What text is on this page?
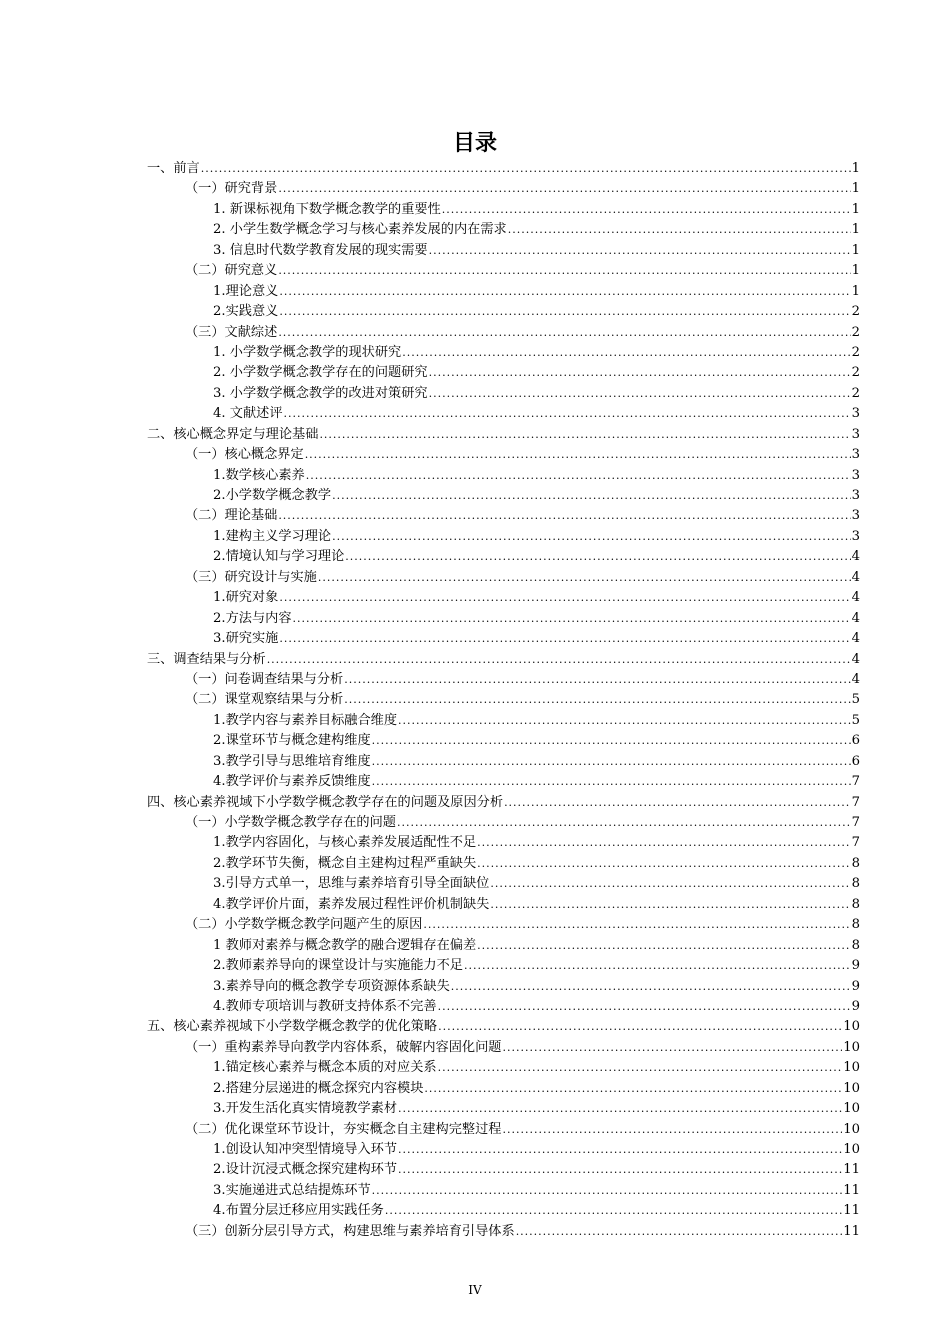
目录
一、前言 .....	1
（一）研究背景 .....	1
1. 新课标视角下数学概念教学的重要性 .....	1
2. 小学生数学概念学习与核心素养发展的内在需求 .....	1
3. 信息时代数学教育发展的现实需要 .....	1
（二）研究意义 .....	1
1.理论意义 .....	1
2.实践意义 .....	2
（三）文献综述 .....	2
1. 小学数学概念教学的现状研究 .....	2
2. 小学数学概念教学存在的问题研究 .....	2
3. 小学数学概念教学的改进对策研究 .....	2
4. 文献述评 .....	3
二、核心概念界定与理论基础 .....	3
（一）核心概念界定 .....	3
1.数学核心素养 .....	3
2.小学数学概念教学 .....	3
（二）理论基础 .....	3
1.建构主义学习理论 .....	3
2.情境认知与学习理论 .....	4
（三）研究设计与实施 .....	4
1.研究对象 .....	4
2.方法与内容 .....	4
3.研究实施 .....	4
三、调查结果与分析 .....	4
（一）问卷调查结果与分析 .....	4
（二）课堂观察结果与分析 .....	5
1.教学内容与素养目标融合维度 .....	5
2.课堂环节与概念建构维度 .....	6
3.教学引导与思维培育维度 .....	6
4.教学评价与素养反馈维度 .....	7
四、核心素养视域下小学数学概念教学存在的问题及原因分析 .....	7
（一）小学数学概念教学存在的问题 .....	7
1.教学内容固化，与核心素养发展适配性不足 .....	7
2.教学环节失衡，概念自主建构过程严重缺失 .....	8
3.引导方式单一，思维与素养培育引导全面缺位 .....	8
4.教学评价片面，素养发展过程性评价机制缺失 .....	8
（二）小学数学概念教学问题产生的原因 .....	8
1 教师对素养与概念教学的融合逻辑存在偏差 .....	8
2.教师素养导向的课堂设计与实施能力不足 .....	9
3.素养导向的概念教学专项资源体系缺失 .....	9
4.教师专项培训与教研支持体系不完善 .....	9
五、核心素养视域下小学数学概念教学的优化策略 .....	10
（一）重构素养导向教学内容体系，破解内容固化问题 .....	10
1.锚定核心素养与概念本质的对应关系 .....	10
2.搭建分层递进的概念探究内容模块 .....	10
3.开发生活化真实情境教学素材 .....	10
（二）优化课堂环节设计，夯实概念自主建构完整过程 .....	10
1.创设认知冲突型情境导入环节 .....	10
2.设计沉浸式概念探究建构环节 .....	11
3.实施递进式总结提炼环节 .....	11
4.布置分层迁移应用实践任务 .....	11
（三）创新分层引导方式，构建思维与素养培育引导体系 .....	11
IV
